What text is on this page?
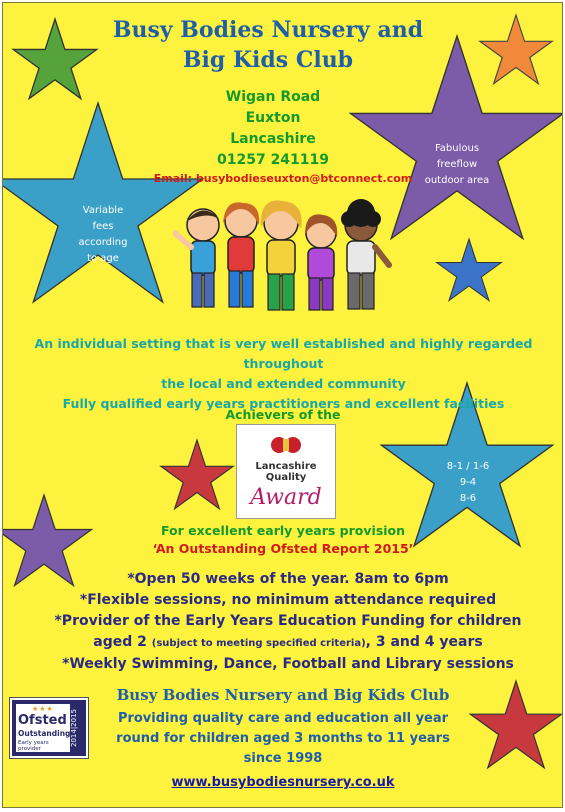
Busy Bodies Nursery and
Big Kids Club
Wigan Road
Euxton
Lancashire
01257 241119
Email: busybodieseuxton@btconnect.com
Variable
fees
according
to age
Fabulous
freeflow
outdoor area
8-1 / 1-6
9-4
8-6
An individual setting that is very well established and highly regarded throughout
the local and extended community
Fully qualified early years practitioners and excellent facilities
Achievers of the
Lancashire
Quality
Award
For excellent early years provision
‘An Outstanding Ofsted Report 2015’

*Open 50 weeks of the year. 8am to 6pm

*Flexible sessions, no minimum attendance required

*Provider of the Early Years Education Funding for children

aged 2 (subject to meeting specified criteria), 3 and 4 years

*Weekly Swimming, Dance, Football and Library sessions

★★★
Ofsted
Outstanding
Early years provider
2014|2015
Busy Bodies Nursery and Big Kids Club
Providing quality care and education all year
round for children aged 3 months to 11 years
since 1998
www.busybodiesnursery.co.uk
